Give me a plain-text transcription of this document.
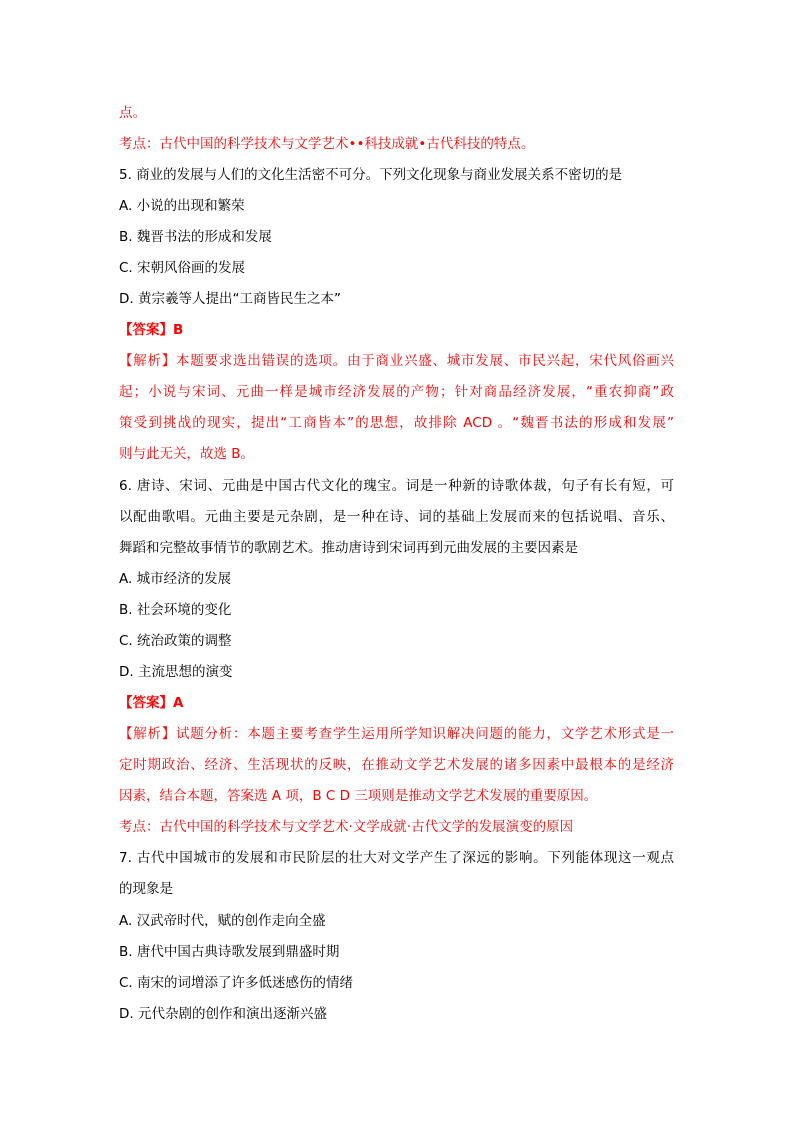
点。
考点：古代中国的科学技术与文学艺术••科技成就•古代科技的特点。
5. 商业的发展与人们的文化生活密不可分。下列文化现象与商业发展关系不密切的是
A. 小说的出现和繁荣
B. 魏晋书法的形成和发展
C. 宋朝风俗画的发展
D. 黄宗羲等人提出“工商皆民生之本”
【答案】B
【解析】本题要求选出错误的选项。由于商业兴盛、城市发展、市民兴起，宋代风俗画兴
起；小说与宋词、元曲一样是城市经济发展的产物；针对商品经济发展，“重农抑商”政
策受到挑战的现实，提出“工商皆本”的思想，故排除 ACD 。“魏晋书法的形成和发展”
则与此无关，故选 B。
6. 唐诗、宋词、元曲是中国古代文化的瑰宝。词是一种新的诗歌体裁，句子有长有短，可
以配曲歌唱。元曲主要是元杂剧，是一种在诗、词的基础上发展而来的包括说唱、音乐、
舞蹈和完整故事情节的歌剧艺术。推动唐诗到宋词再到元曲发展的主要因素是
A. 城市经济的发展
B. 社会环境的变化
C. 统治政策的调整
D. 主流思想的演变
【答案】A
【解析】试题分析：本题主要考查学生运用所学知识解决问题的能力，文学艺术形式是一
定时期政治、经济、生活现状的反映，在推动文学艺术发展的诸多因素中最根本的是经济
因素，结合本题，答案选 A 项，B C D 三项则是推动文学艺术发展的重要原因。
考点：古代中国的科学技术与文学艺术·文学成就·古代文学的发展演变的原因
7. 古代中国城市的发展和市民阶层的壮大对文学产生了深远的影响。下列能体现这一观点
的现象是
A. 汉武帝时代，赋的创作走向全盛
B. 唐代中国古典诗歌发展到鼎盛时期
C. 南宋的词增添了许多低迷感伤的情绪
D. 元代杂剧的创作和演出逐渐兴盛
